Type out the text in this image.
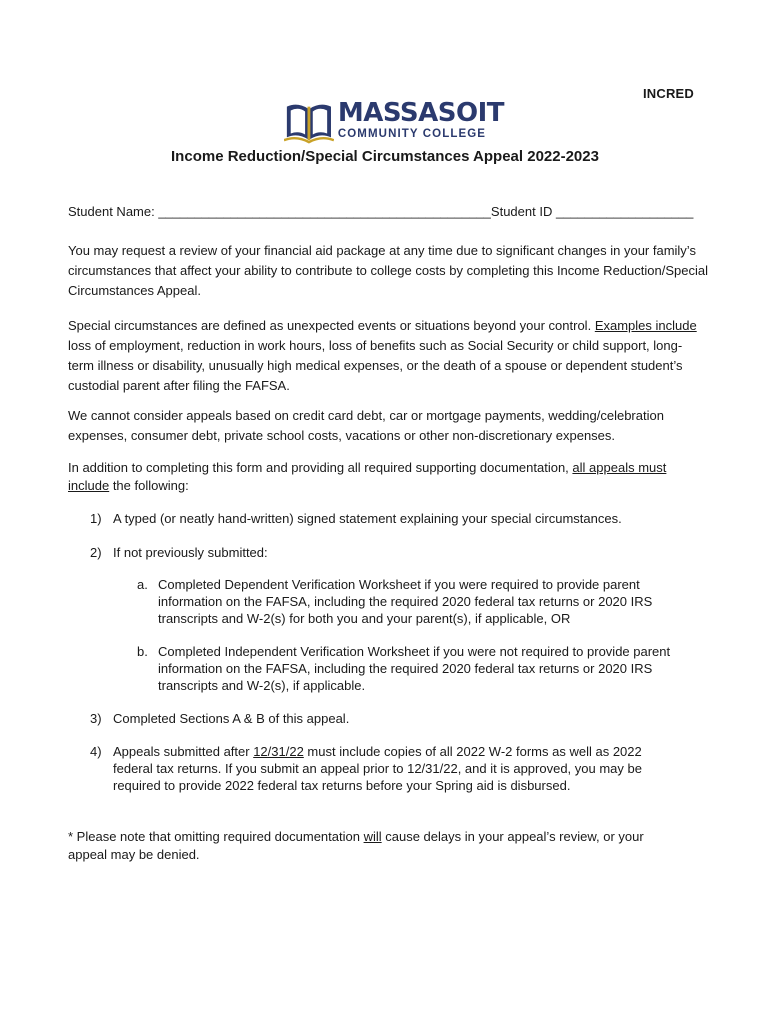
INCRED
MASSASOIT
COMMUNITY COLLEGE
Income Reduction/Special Circumstances Appeal 2022-2023
Student Name: ______________________________________________Student ID ___________________
You may request a review of your financial aid package at any time due to significant changes in your family’s circumstances that affect your ability to contribute to college costs by completing this Income Reduction/Special Circumstances Appeal.
Special circumstances are defined as unexpected events or situations beyond your control. Examples include loss of employment, reduction in work hours, loss of benefits such as Social Security or child support, long-term illness or disability, unusually high medical expenses, or the death of a spouse or dependent student’s custodial parent after filing the FAFSA.
We cannot consider appeals based on credit card debt, car or mortgage payments, wedding/celebration expenses, consumer debt, private school costs, vacations or other non-discretionary expenses.
In addition to completing this form and providing all required supporting documentation, all appeals must include the following:
1) A typed (or neatly hand-written) signed statement explaining your special circumstances.
2) If not previously submitted:
a. Completed Dependent Verification Worksheet if you were required to provide parent information on the FAFSA, including the required 2020 federal tax returns or 2020 IRS transcripts and W-2(s) for both you and your parent(s), if applicable, OR
b. Completed Independent Verification Worksheet if you were not required to provide parent information on the FAFSA, including the required 2020 federal tax returns or 2020 IRS transcripts and W-2(s), if applicable.
3) Completed Sections A & B of this appeal.
4) Appeals submitted after 12/31/22 must include copies of all 2022 W-2 forms as well as 2022 federal tax returns. If you submit an appeal prior to 12/31/22, and it is approved, you may be required to provide 2022 federal tax returns before your Spring aid is disbursed.
* Please note that omitting required documentation will cause delays in your appeal’s review, or your appeal may be denied.
